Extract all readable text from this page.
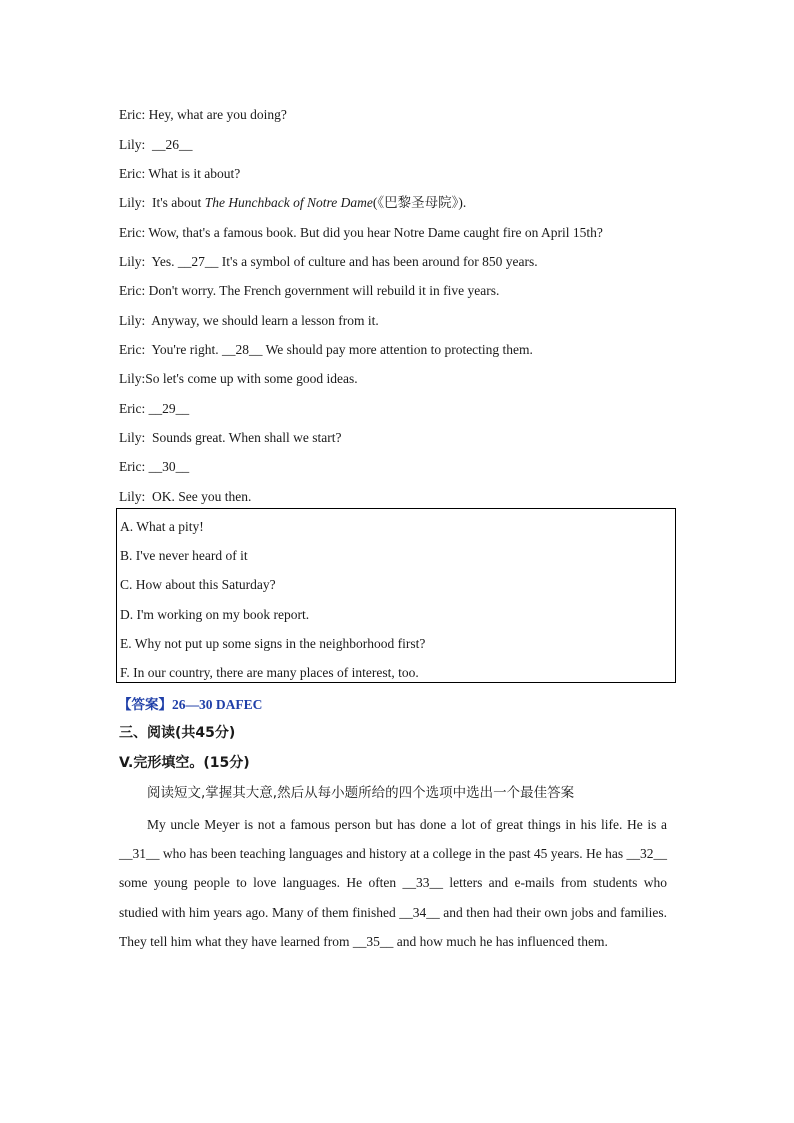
Eric: Hey, what are you doing?
Lily: __26__
Eric: What is it about?
Lily: It's about The Hunchback of Notre Dame(《巴黎圣母院》).
Eric: Wow, that's a famous book. But did you hear Notre Dame caught fire on April 15th?
Lily: Yes. __27__ It's a symbol of culture and has been around for 850 years.
Eric: Don't worry. The French government will rebuild it in five years.
Lily: Anyway, we should learn a lesson from it.
Eric: You're right. __28__ We should pay more attention to protecting them.
Lily:So let's come up with some good ideas.
Eric: __29__
Lily: Sounds great. When shall we start?
Eric: __30__
Lily: OK. See you then.
A. What a pity!
B. I've never heard of it
C. How about this Saturday?
D. I'm working on my book report.
E. Why not put up some signs in the neighborhood first?
F. In our country, there are many places of interest, too.
【答案】26—30 DAFEC
三、阅读(共45分)
V.完形填空。(15分)
阅读短文,掌握其大意,然后从每小题所给的四个选项中选出一个最佳答案
My uncle Meyer is not a famous person but has done a lot of great things in his life. He is a __31__ who has been teaching languages and history at a college in the past 45 years. He has __32__ some young people to love languages. He often __33__ letters and e-mails from students who studied with him years ago. Many of them finished __34__ and then had their own jobs and families. They tell him what they have learned from __35__ and how much he has influenced them.
